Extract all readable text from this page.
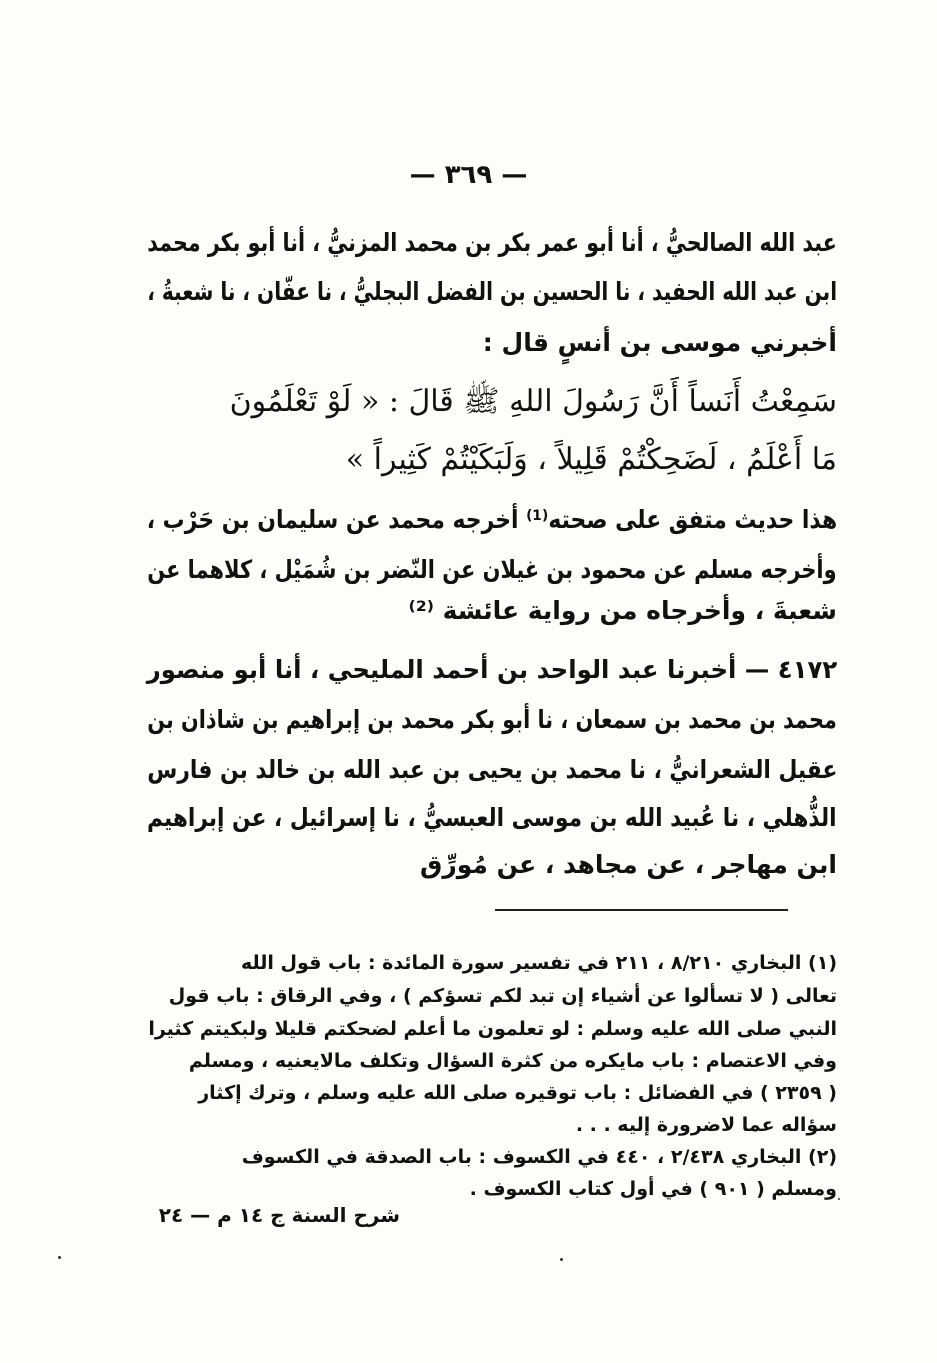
— ٣٦٩ —
عبد الله الصالحيُّ ، أنا أبو عمر بكر بن محمد المزنيُّ ، أنا أبو بكر محمد
ابن عبد الله الحفيد ، نا الحسين بن الفضل البجليُّ ، نا عفّان ، نا شعبةُ ،
أخبرني موسى بن أنسٍ قال :
سَمِعْتُ أَنَساً أَنَّ رَسُولَ اللهِ ﷺ قَالَ : « لَوْ تَعْلَمُونَ
مَا أَعْلَمُ ، لَضَحِكْتُمْ قَلِيلاً ، وَلَبَكَيْتُمْ كَثِيراً »
هذا حديث متفق على صحته⁽¹⁾ أخرجه محمد عن سليمان بن حَرْب ،
وأخرجه مسلم عن محمود بن غيلان عن النّضر بن شُمَيْل ، كلاهما عن
شعبةَ ، وأخرجاه من رواية عائشة ⁽²⁾
٤١٧٢ — أخبرنا عبد الواحد بن أحمد المليحي ، أنا أبو منصور
محمد بن محمد بن سمعان ، نا أبو بكر محمد بن إبراهيم بن شاذان بن
عقيل الشعرانيُّ ، نا محمد بن يحيى بن عبد الله بن خالد بن فارس
الذُّهلي ، نا عُبيد الله بن موسى العبسيُّ ، نا إسرائيل ، عن إبراهيم
ابن مهاجر ، عن مجاهد ، عن مُورِّق
(١) البخاري ٨/٢١٠ ، ٢١١ في تفسير سورة المائدة : باب قول الله
تعالى ( لا تسألوا عن أشياء إن تبد لكم تسؤكم ) ، وفي الرقاق : باب قول
النبي صلى الله عليه وسلم : لو تعلمون ما أعلم لضحكتم قليلا ولبكيتم كثيرا
وفي الاعتصام : باب مايكره من كثرة السؤال وتكلف مالايعنيه ، ومسلم
( ٢٣٥٩ ) في الفضائل : باب توقيره صلى الله عليه وسلم ، وترك إكثار
سؤاله عما لاضرورة إليه . . .
(٢) البخاري ٢/٤٣٨ ، ٤٤٠ في الكسوف : باب الصدقة في الكسوف
ومسلم ( ٩٠١ ) في أول كتاب الكسوف .
شرح السنة ج ١٤ م — ٢٤
